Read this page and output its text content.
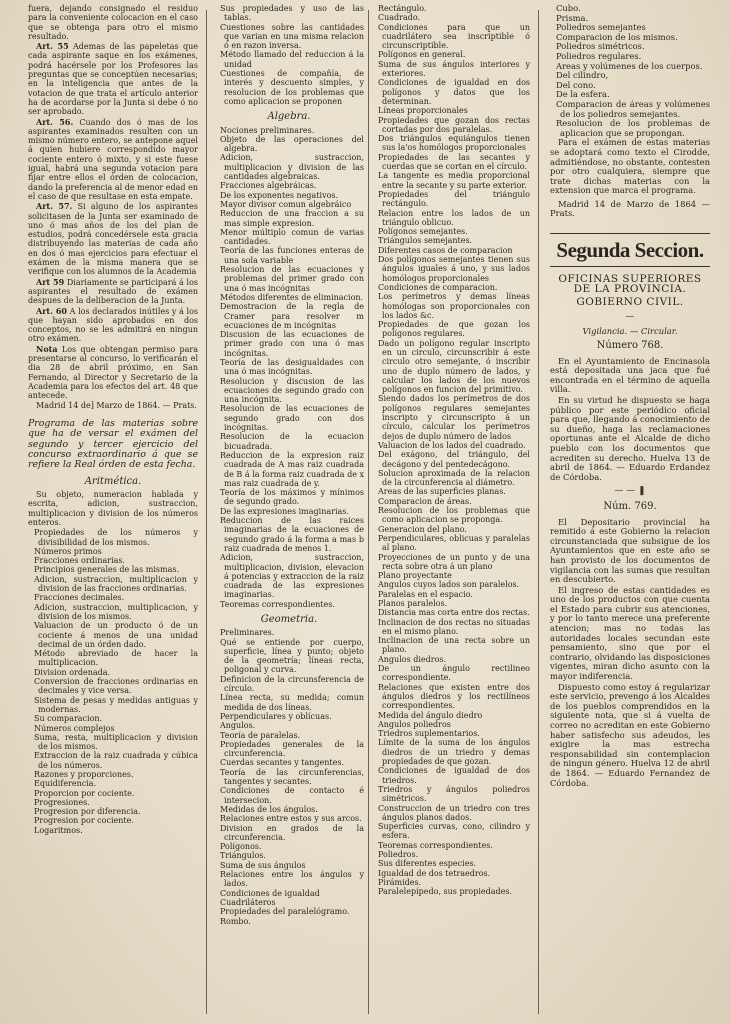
fuera, dejando consignado el residuo para la conveniente colocacion en el caso que se obtenga para otro el mismo resultado.

Art. 55 Ademas de las papeletas que cada aspirante saque en los exámenes, podrá hacérsele por los Profesores las preguntas que se conceptúen necesarias; en la inteligencia que antes de la votacion de que trata el artículo anterior ha de acordarse por la Junta si debe ó no ser aprobado.

Art. 56. Cuando dos ó mas de los aspirantes examinados resulten con un mismo número entero, se antepone aquel á quien hubiere correspondido mayor cociente entero ó mixto, y si este fuese igual, habrá una segunda votacion para fijar entre ellos el órden de colocacion, dando la preferencia al de menor edad en el caso de que resultase en esta empate.

Art. 57. Si alguno de los aspirantes solicitasen de la Junta ser examinado de uno ó mas años de los del plan de estudios, podrá concedérsele esta gracia distribuyendo las materias de cada año en dos ó mas ejercicios para efectuar el exámen de la misma manera que se verifique con los alumnos de la Academia

Art 59 Diariamente se participará á los aspirantes el resultado de exámen despues de la deliberacion de la Junta.

Art. 60 A los declarados inútiles y á los que hayan sido aprobados en dos conceptos, no se les admitirá en ningun otro exámen.

Nota Los que obtengan permiso para presentarse al concurso, lo verificarán el dia 28 de abril próximo, en San Fernando, al Director y Secretario de la Academia para los efectos del art. 48 que antecede.

Madrid 14 de] Marzo de 1864. — Prats.

Programa de las materias sobre que ha de versar el exámen del segundo y tercer ejercicio del concurso extraordinario á que se refiere la Real órden de esta fecha.
Aritmética.

Su objeto, numeracion hablada y escrita, adicion, sustraccion, multiplicacion y division de los números enteros.

Propiedades de los números y divisibilidad de los mismos.

Números primos

Fracciones ordinarias.

Principios generales de las mismas.

Adicion, sustraccion, multiplicacion y division de las fracciones ordinarias.

Fracciones decimales.

Adicion, sustraccion, multiplicacion, y division de los mismos.

Valuacion de un producto ó de un cociente á menos de una unidad decimal de un órden dado.

Método abreviado de hacer la multiplicacion.

Division ordenada.

Conversion de fracciones ordinarias en decimales y vice versa.

Sistema de pesas y medidas antiguas y modernas.

Su comparacion.

Números complejos

Suma, resta, multiplicacion y division de los mismos.

Extraccion de la raiz cuadrada y cúbica de los números.

Razones y proporciones.

Equidiferencia.

Proporcion por cociente.

Progresiones.

Progresion por diferencia.

Progresion por cociente.

Logaritmos.

Sus propiedades y uso de las tablas.

Cuestiones sobre las cantidades que varian en una misma relacion ó en razon inversa.

Método llamado del reduccion á la unidad

Cuestiones de compañía, de interés y descuento simples, y resolucion de los problemas que como aplicacion se proponen

Algebra.

Nociones preliminares.

Objeto de las operaciones del algebra.

Adicion, sustraccion, multiplicacion y division de las cantidades algebraicas.

Fracciones algebráicas.

De los exponentes negativos.

Mayor divisor comun algebráico

Reduccion de una fraccion a su mas simple expresion.

Menor múltiplo comun de varias cantidades.

Teoría de las funciones enteras de una sola variable

Resolucion de las ecuaciones y problemas del primer grado con una ó mas incógnitas

Métodos diferentes de eliminacion.

Demostracion de la regla de Cramer para resolver m ecuaciones de m incógnitas

Discusion de las ecuaciones de primer grado con una ó mas incógnitas.

Teoría de las desigualdades con una ó mas incógnitas.

Resolucion y discusion de las ecuaciones de segundo grado con una incógnita.

Resolucion de las ecuaciones de segundo grado con dos incógnitas.

Resolucion de la ecuacion bicuadrada.

Reduccion de la expresion raiz cuadrada de A mas raiz cuadrada de B á la forma raiz cuadrada de x mas raiz cuadrada de y.

Teoría de los máximos y mínimos de segundo grado.

De las expresiones imaginarias.

Reduccion de las raices imaginarias de la ecuaciones de segundo grado á la forma a mas b raiz cuadrada de menos 1.

Adicion, sustraccion, multiplicacion, division, elevacion á potencias y extraccion de la raiz cuadrada de las expresiones imaginarias.

Teoremas correspondientes.

Geometria.

Preliminares.

Qué se entiende por cuerpo, superficie, línea y punto; objeto de la geometría; líneas recta, poligonal y curva.

Definicion de la circunsferencia de círculo.

Línea recta, su medida; comun medida de dos líneas.

Perpendiculares y oblícuas.

Angulos.

Teoría de paralelas.

Propiedades generales de la circunferencia.

Cuerdas secantes y tangentes.

Teoría de las circunferencias, tangentes y secantes.

Condiciones de contacto é intersecion.

Medidas de los ángulos.

Relaciones entre estos y sus arcos.

Division en grados de la circunferencia.

Polígonos.

Triángulos.

Suma de sus ángulos

Relaciones entre los ángulos y lados.

Condiciones de igualdad

Cuadriláteros

Propiedades del paralelógramo.

Rombo.

Rectángulo.

Cuadrado.

Condiciones para que un cuadrilátero sea inscriptible ó circunscriptible.

Polígonos en general.

Suma de sus ángulos interiores y exteriores.

Condiciones de igualdad en dos polígonos y datos que los determinan.

Líneas proporcionales

Propiedades que gozan dos rectas cortadas por dos paralelas.

Dos triángulos equiángulos tienen sus la'os homólogos proporcionales

Propiedades de las secantes y cuerdas que se cortan en el círculo.

La tangente es media proporcional entre la secante y su parte exterior.

Propiedades del triángulo rectángulo.

Relacion entre los lados de un triángulo oblicuo.

Polígonos semejantes.

Triángulos semejantes.

Diferentes casos de comparacion

Dos polígonos semejantes tienen sus ángulos iguales á uno, y sus lados homólogos proporcionales

Condiciones de comparacion.

Los perímetros y demas líneas homólogas son proporcionales con los lados &c.

Propiedades de que gozan los polígonos regulares.

Dado un polígono regular inscripto en un circulo, circunscribir á este circulo otro semejante, ó inscribir uno de duplo número de lados, y calcular los lados de los nuevos polígonos en funcion del primitivo.

Siendo dados los perímetros de dos polígonos regulares semejantes inscripto y circunscripto á un círculo, calcular los perímetros dejos de duplo número de lados

Valuacion de los lados del cuadrado.

Del exágono, del triángulo, del decágono y del pentedecágono.

Solucion aproximada de la relacion de la circunferencia al diámetro.

Areas de las superficies planas.

Comparacion de áreas.

Resolucion de los problemas que como aplicacion se proponga.

Generacion del plano.

Perpendiculares, oblicuas y paralelas al plano.

Proyecciones de un punto y de una recta sobre otra á un plano

Plano proyectante

Angulos cuyos lados son paralelos.

Paralelas en el espacio.

Planos paralelos.

Distancia mas corta entre dos rectas.

Inclinacion de dos rectas no situadas en el mismo plano.

Inclinacion de una recta sobre un plano.

Angulos diedros.

De un ángulo rectilineo correspondiente.

Relaciones que existen entre dos ángulos diedros y los rectilíneos correspondientes.

Medida del ángulo diedro

Angulos poliedros

Triedros suplementarios.

Límite de la suma de los ángulos diedros de un triedro y demas propiedades de que gozan.

Condiciones de igualdad de dos triedros.

Triedros y ángulos poliedros simétricos.

Construccion de un triedro con tres ángulos planos dados.

Superficies curvas, cono, cilindro y esfera.

Teoremas correspondientes.

Poliedros.

Sus diferentes especies.

Igualdad de dos tetraedros.

Pirámides.

Paralelepípedo, sus propiedades.

Cubo.

Prisma.

Poliedros semejantes

Comparacion de los mismos.

Poliedros simétricos.

Poliedros regulares.

Areas y volúmenes de los cuerpos.

Del cilindro,

Del cono.

De la esfera.

Comparacion de áreas y volúmenes de los poliedros semejantes.

Resolucion de los problemas de aplicacion que se propongan.

Para el exámen de estas materias se adoptará como texto el Cirodde, admitiéndose, no obstante, contesten por otro cualquiera, siempre que trate dichas materias con la extension que marca el programa.

Madrid 14 de Marzo de 1864 — Prats.

Segunda Seccion.
OFICINAS SUPERIORES DE LA PROVINCIA.
GOBIERNO CIVIL.
—

Vigilancia. — Circular.

Número 768.

En el Ayuntamiento de Encinasola está depositada una jaca que fué encontrada en el término de aquella villa.

En su virtud he dispuesto se haga público por este periódico oficial para que, llegando á conocimiento de su dueño, haga las reclamaciones oportunas ante el Alcalde de dicho pueblo con los documentos que acrediten su derecho. Huelva 13 de abril de 1864. — Eduardo Erdandez de Córdoba.

— — ❚
Núm. 769.

El Depositario provincial ha remitido á este Gobierno la relacion circunstanciada que subsigue de los Ayuntamientos que en este año se han provisto de los documentos de vigilancia con las sumas que resultan en descubierto.

El ingreso de estas cantidades es uno de los productos con que cuenta el Estado para cubrir sus atenciones, y por lo tanto merece una preferente atencion; mas no todas las autoridades locales secundan este pensamiento, sino que por el contrario, olvidando las disposiciones vigentes, miran dicho asunto con la mayor indiferencia.

Dispuesto como estoy á regularizar este servicio, prevengo á los Alcaldes de los pueblos comprendidos en la siguiente nota, que si á vuelta de correo no acreditan en este Gobierno haber satisfecho sus adeudos, les exigire la mas estrecha responsabilidad sin contemplacion de ningun género. Huelva 12 de abril de 1864. — Eduardo Fernandez de Córdoba.
